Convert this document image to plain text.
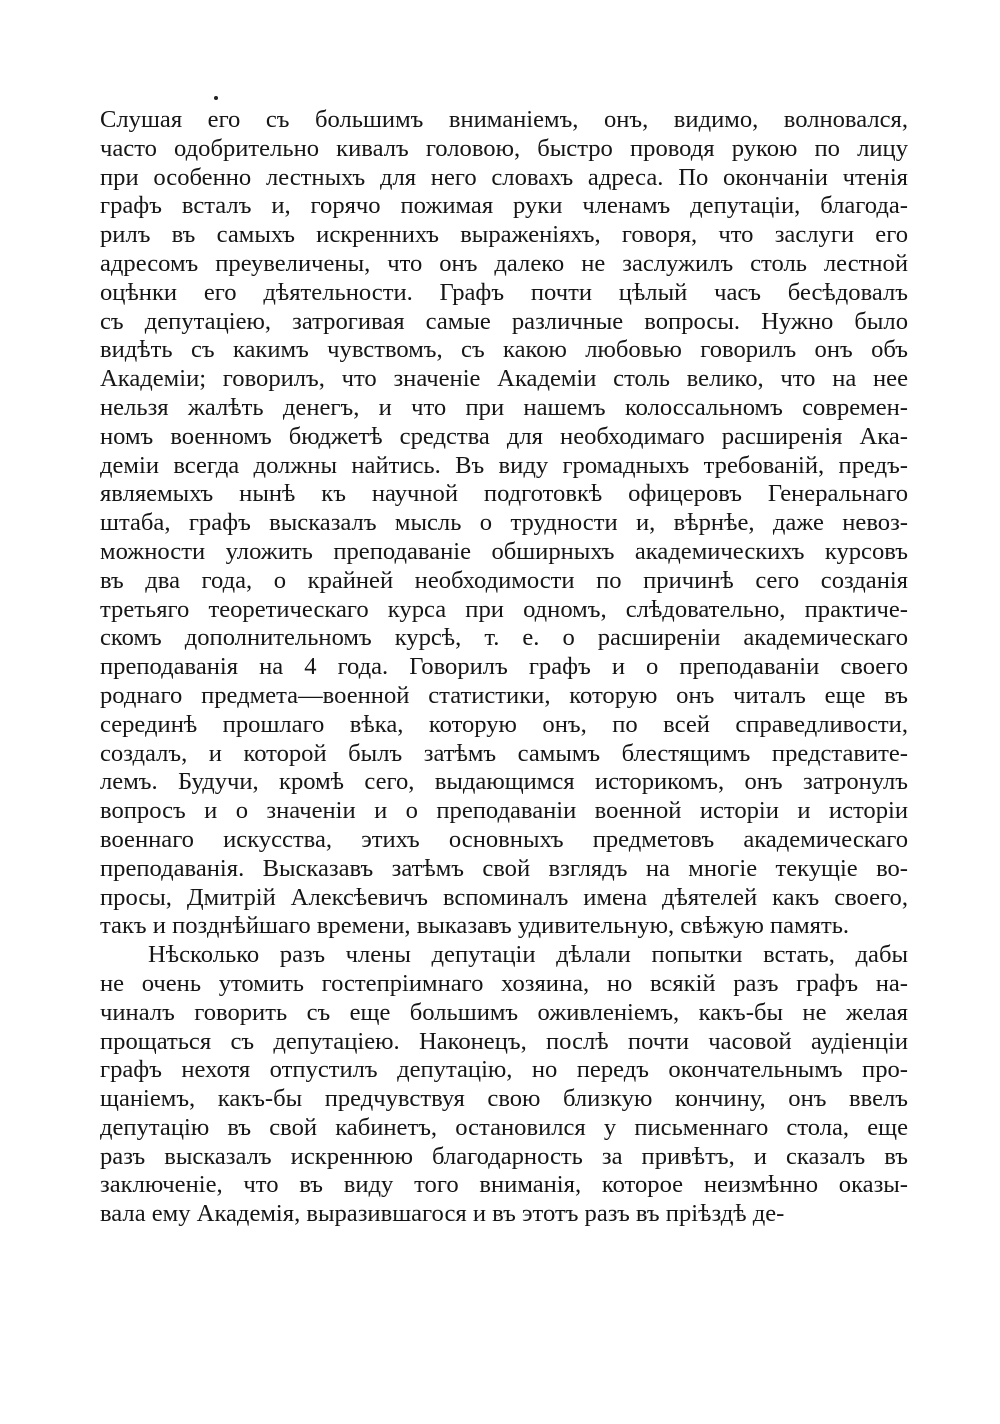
Слушая его съ большимъ вниманіемъ, онъ, видимо, волновался,
часто одобрительно кивалъ головою, быстро проводя рукою по лицу
при особенно лестныхъ для него словахъ адреса. По окончаніи чтенія
графъ всталъ и, горячо пожимая руки членамъ депутаціи, благода-
рилъ въ самыхъ искреннихъ выраженіяхъ, говоря, что заслуги его
адресомъ преувеличены, что онъ далеко не заслужилъ столь лестной
оцѣнки его дѣятельности. Графъ почти цѣлый часъ бесѣдовалъ
съ депутаціею, затрогивая самые различные вопросы. Нужно было
видѣть съ какимъ чувствомъ, съ какою любовью говорилъ онъ объ
Академіи; говорилъ, что значеніе Академіи столь велико, что на нее
нельзя жалѣть денегъ, и что при нашемъ колоссальномъ современ-
номъ военномъ бюджетѣ средства для необходимаго расширенія Ака-
деміи всегда должны найтись. Въ виду громадныхъ требованій, предъ-
являемыхъ нынѣ къ научной подготовкѣ офицеровъ Генеральнаго
штаба, графъ высказалъ мысль о трудности и, вѣрнѣе, даже невоз-
можности уложить преподаваніе обширныхъ академическихъ курсовъ
въ два года, о крайней необходимости по причинѣ сего созданія
третьяго теоретическаго курса при одномъ, слѣдовательно, практиче-
скомъ дополнительномъ курсѣ, т. е. о расширеніи академическаго
преподаванія на 4 года. Говорилъ графъ и о преподаваніи своего
роднаго предмета—военной статистики, которую онъ читалъ еще въ
серединѣ прошлаго вѣка, которую онъ, по всей справедливости,
создалъ, и которой былъ затѣмъ самымъ блестящимъ представите-
лемъ. Будучи, кромѣ сего, выдающимся историкомъ, онъ затронулъ
вопросъ и о значеніи и о преподаваніи военной исторіи и исторіи
военнаго искусства, этихъ основныхъ предметовъ академическаго
преподаванія. Высказавъ затѣмъ свой взглядъ на многіе текущіе во-
просы, Дмитрій Алексѣевичъ вспоминалъ имена дѣятелей какъ своего,
такъ и позднѣйшаго времени, выказавъ удивительную, свѣжую память.
Нѣсколько разъ члены депутаціи дѣлали попытки встать, дабы
не очень утомить гостепріимнаго хозяина, но всякій разъ графъ на-
чиналъ говорить съ еще большимъ оживленіемъ, какъ-бы не желая
прощаться съ депутаціею. Наконецъ, послѣ почти часовой аудіенціи
графъ нехотя отпустилъ депутацію, но передъ окончательнымъ про-
щаніемъ, какъ-бы предчувствуя свою близкую кончину, онъ ввелъ
депутацію въ свой кабинетъ, остановился у письменнаго стола, еще
разъ высказалъ искреннюю благодарность за привѣтъ, и сказалъ въ
заключеніе, что въ виду того вниманія, которое неизмѣнно оказы-
вала ему Академія, выразившагося и въ этотъ разъ въ пріѣздѣ де-
